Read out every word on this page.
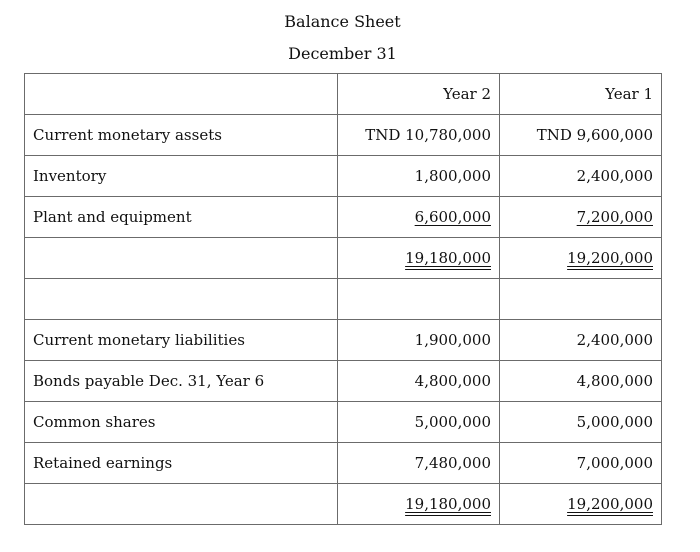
Balance Sheet
December 31
	Year 2	Year 1
Current monetary assets	TND 10,780,000	TND 9,600,000
Inventory	1,800,000	2,400,000
Plant and equipment	6,600,000	7,200,000
	19,180,000	19,200,000

Current monetary liabilities	1,900,000	2,400,000
Bonds payable Dec. 31, Year 6	4,800,000	4,800,000
Common shares	5,000,000	5,000,000
Retained earnings	7,480,000	7,000,000
	19,180,000	19,200,000
